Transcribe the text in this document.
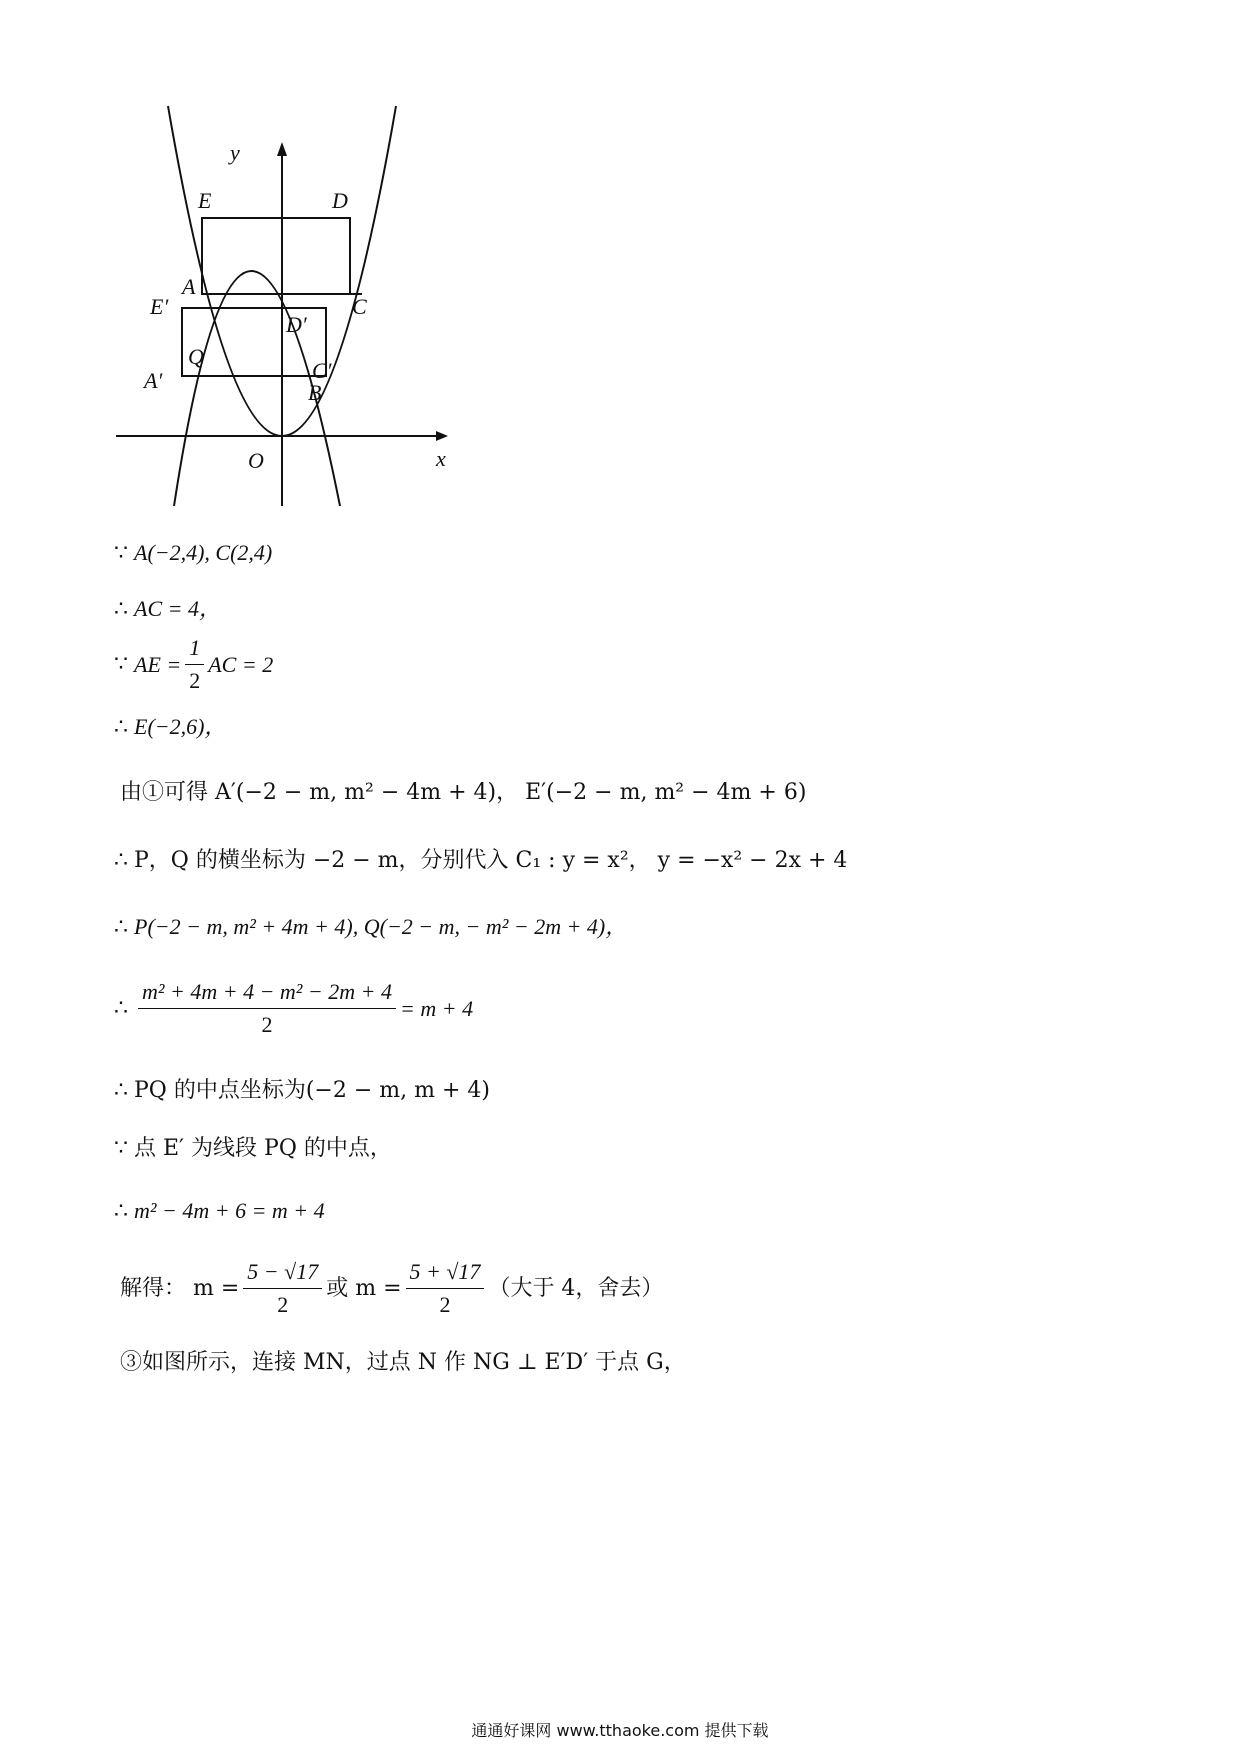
y
x
O
E	D
A
C
E′
D′
Q
A′	C′
B
∵ A(−2,4), C(2,4)
∴ AC = 4，
∵ AE = $\frac{1}{2}$ AC = 2
∴ E(−2,6)，
由①可得 A′(−2 − m, m² − 4m + 4)， E′(−2 − m, m² − 4m + 6)
∴ P，Q 的横坐标为 −2 − m，分别代入 C₁ : y = x²， y = −x² − 2x + 4
∴ P(−2 − m, m² + 4m + 4), Q(−2 − m, − m² − 2m + 4)，
∴ $\frac{\text{m² + 4m + 4 − m² − 2m + 4}}{2} = m + 4$
∴ PQ 的中点坐标为(−2 − m, m + 4)
∵ 点 E′ 为线段 PQ 的中点，
∴ m² − 4m + 6 = m + 4
解得： $m = \frac{5 - √17}{2}$ 或 $m = \frac{5 + √17}{2}$ （大于 4，舍去）
③如图所示，连接 MN，过点 N 作 NG ⊥ E′D′ 于点 G，
通通好课网 www.tthaoke.com 提供下载
